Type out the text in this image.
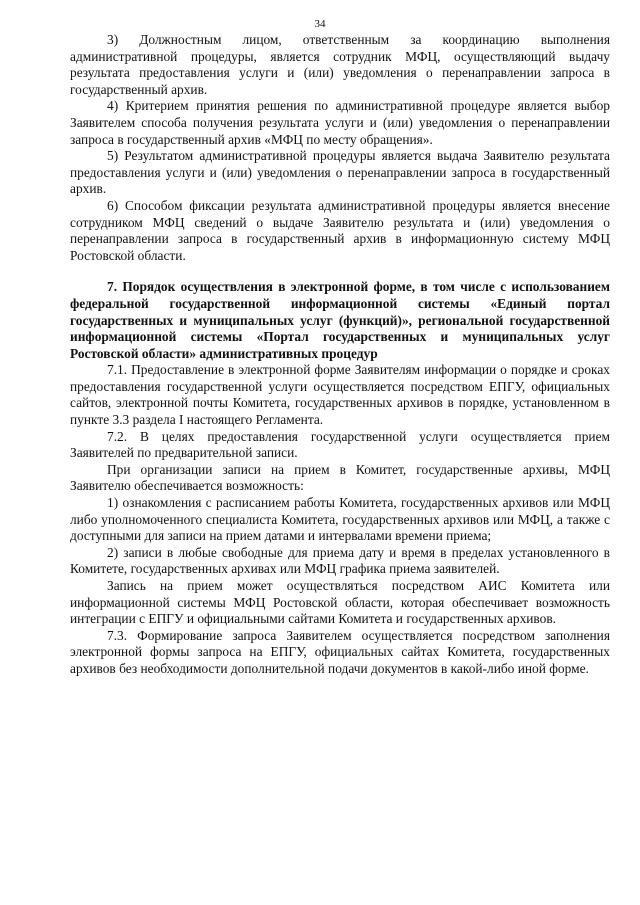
34

3) Должностным лицом, ответственным за координацию выполнения административной процедуры, является сотрудник МФЦ, осуществляющий выдачу результата предоставления услуги и (или) уведомления о перенаправлении запроса в государственный архив.

4) Критерием принятия решения по административной процедуре является выбор Заявителем способа получения результата услуги и (или) уведомления о перенаправлении запроса в государственный архив «МФЦ по месту обращения».

5) Результатом административной процедуры является выдача Заявителю результата предоставления услуги и (или) уведомления о перенаправлении запроса в государственный архив.

6) Способом фиксации результата административной процедуры является внесение сотрудником МФЦ сведений о выдаче Заявителю результата и (или) уведомления о перенаправлении запроса в государственный архив в информационную систему МФЦ Ростовской области.

7. Порядок осуществления в электронной форме, в том числе с использованием федеральной государственной информационной системы «Единый портал государственных и муниципальных услуг (функций)», региональной государственной информационной системы «Портал государственных и муниципальных услуг Ростовской области» административных процедур

7.1. Предоставление в электронной форме Заявителям информации о порядке и сроках предоставления государственной услуги осуществляется посредством ЕПГУ, официальных сайтов, электронной почты Комитета, государственных архивов в порядке, установленном в пункте 3.3 раздела I настоящего Регламента.

7.2. В целях предоставления государственной услуги осуществляется прием Заявителей по предварительной записи.

При организации записи на прием в Комитет, государственные архивы, МФЦ Заявителю обеспечивается возможность:

1) ознакомления с расписанием работы Комитета, государственных архивов или МФЦ либо уполномоченного специалиста Комитета, государственных архивов или МФЦ, а также с доступными для записи на прием датами и интервалами времени приема;

2) записи в любые свободные для приема дату и время в пределах установленного в Комитете, государственных архивах или МФЦ графика приема заявителей.

Запись на прием может осуществляться посредством АИС Комитета или информационной системы МФЦ Ростовской области, которая обеспечивает возможность интеграции с ЕПГУ и официальными сайтами Комитета и государственных архивов.

7.3. Формирование запроса Заявителем осуществляется посредством заполнения электронной формы запроса на ЕПГУ, официальных сайтах Комитета, государственных архивов без необходимости дополнительной подачи документов в какой-либо иной форме.
